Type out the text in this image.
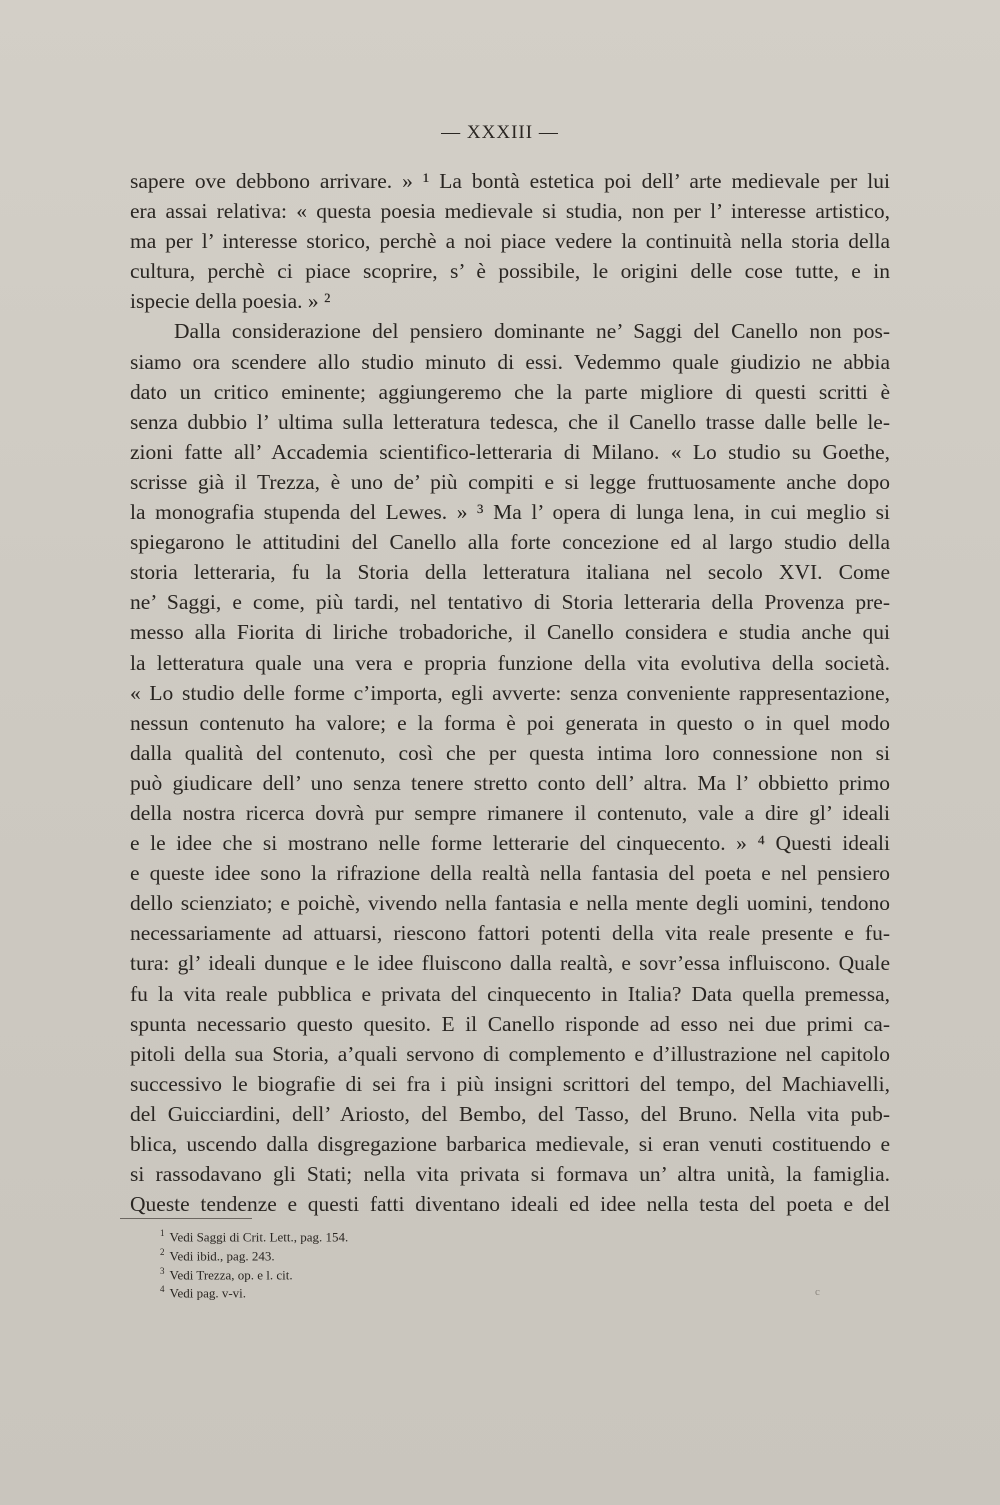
— XXXIII —
sapere ove debbono arrivare. » ¹ La bontà estetica poi dell’ arte medievale per lui
era assai relativa: « questa poesia medievale si studia, non per l’ interesse artistico,
ma per l’ interesse storico, perchè a noi piace vedere la continuità nella storia della
cultura, perchè ci piace scoprire, s’ è possibile, le origini delle cose tutte, e in
ispecie della poesia. » ²
Dalla considerazione del pensiero dominante ne’ Saggi del Canello non pos-
siamo ora scendere allo studio minuto di essi. Vedemmo quale giudizio ne abbia
dato un critico eminente; aggiungeremo che la parte migliore di questi scritti è
senza dubbio l’ ultima sulla letteratura tedesca, che il Canello trasse dalle belle le-
zioni fatte all’ Accademia scientifico-letteraria di Milano. « Lo studio su Goethe,
scrisse già il Trezza, è uno de’ più compiti e si legge fruttuosamente anche dopo
la monografia stupenda del Lewes. » ³ Ma l’ opera di lunga lena, in cui meglio si
spiegarono le attitudini del Canello alla forte concezione ed al largo studio della
storia letteraria, fu la Storia della letteratura italiana nel secolo XVI. Come
ne’ Saggi, e come, più tardi, nel tentativo di Storia letteraria della Provenza pre-
messo alla Fiorita di liriche trobadoriche, il Canello considera e studia anche qui
la letteratura quale una vera e propria funzione della vita evolutiva della società.
« Lo studio delle forme c’importa, egli avverte: senza conveniente rappresentazione,
nessun contenuto ha valore; e la forma è poi generata in questo o in quel modo
dalla qualità del contenuto, così che per questa intima loro connessione non si
può giudicare dell’ uno senza tenere stretto conto dell’ altra. Ma l’ obbietto primo
della nostra ricerca dovrà pur sempre rimanere il contenuto, vale a dire gl’ ideali
e le idee che si mostrano nelle forme letterarie del cinquecento. » ⁴ Questi ideali
e queste idee sono la rifrazione della realtà nella fantasia del poeta e nel pensiero
dello scienziato; e poichè, vivendo nella fantasia e nella mente degli uomini, tendono
necessariamente ad attuarsi, riescono fattori potenti della vita reale presente e fu-
tura: gl’ ideali dunque e le idee fluiscono dalla realtà, e sovr’essa influiscono. Quale
fu la vita reale pubblica e privata del cinquecento in Italia? Data quella premessa,
spunta necessario questo quesito. E il Canello risponde ad esso nei due primi ca-
pitoli della sua Storia, a’quali servono di complemento e d’illustrazione nel capitolo
successivo le biografie di sei fra i più insigni scrittori del tempo, del Machiavelli,
del Guicciardini, dell’ Ariosto, del Bembo, del Tasso, del Bruno. Nella vita pub-
blica, uscendo dalla disgregazione barbarica medievale, si eran venuti costituendo e
si rassodavano gli Stati; nella vita privata si formava un’ altra unità, la famiglia.
Queste tendenze e questi fatti diventano ideali ed idee nella testa del poeta e del
$^1$ Vedi Saggi di Crit. Lett., pag. 154.
$^2$ Vedi ibid., pag. 243.
$^3$ Vedi Trezza, op. e l. cit.
$^4$ Vedi pag. v-vi.	c
